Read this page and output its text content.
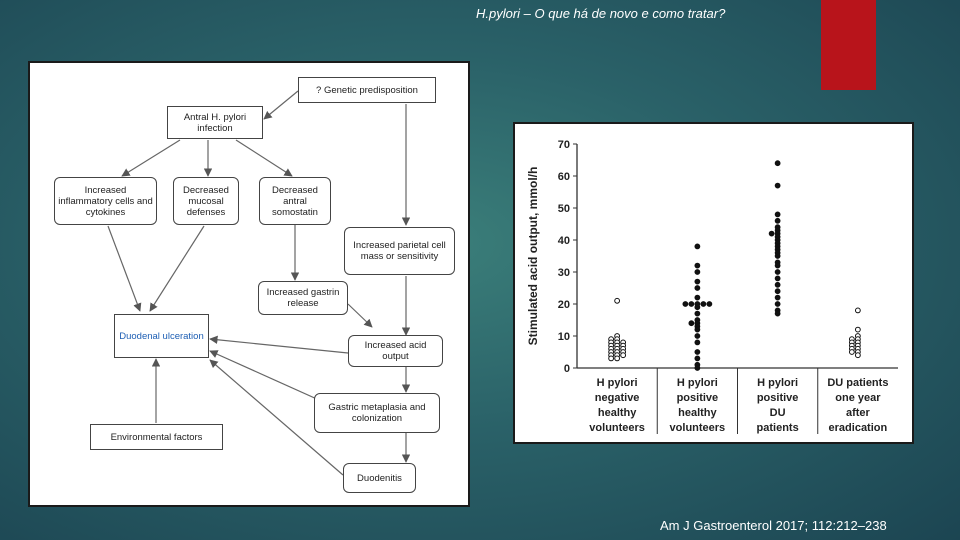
H.pylori – O que há de novo e como tratar?
? Genetic predisposition
Antral H. pylori infection
Increased inflammatory cells and cytokines
Decreased mucosal defenses
Decreased antral somostatin
Increased parietal cell mass or sensitivity
Increased gastrin release
Duodenal ulceration
Increased acid output
Gastric metaplasia and colonization
Environmental factors
Duodenitis
Stimulated acid output, mmol/h
0
10
20
30
40
50
60
70
H pylori negative healthy volunteers
H pylori positive healthy volunteers
H pylori positive DU patients
DU patients one year after eradication
Am J Gastroenterol 2017; 112:212–238
